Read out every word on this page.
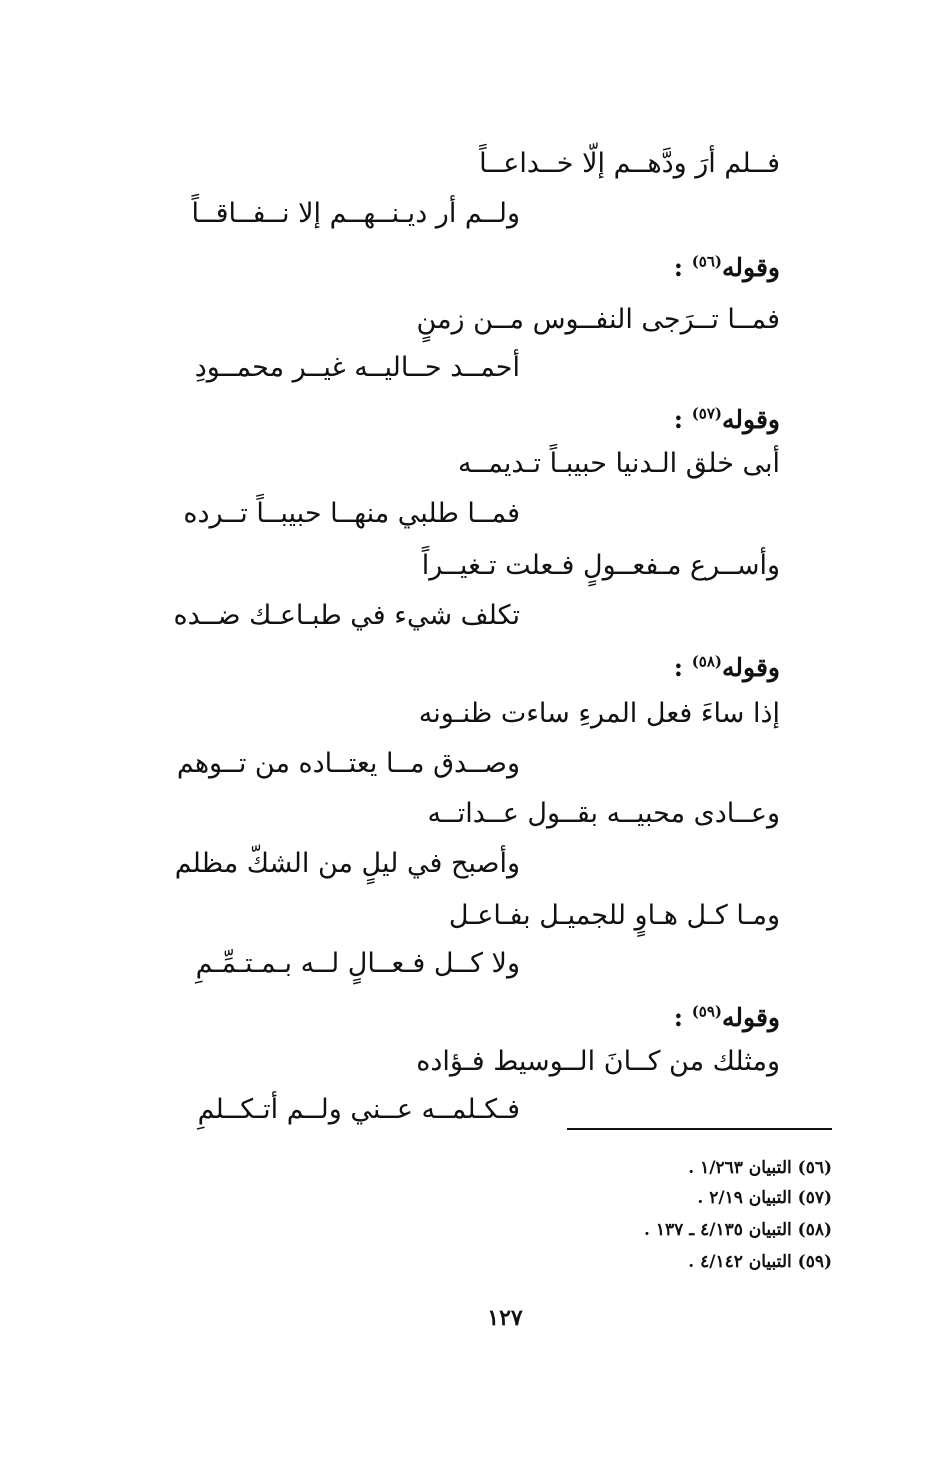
فــلم أرَ ودَّهــم إلّا خــداعــاً
ولــم أر ديـنــهــم إلا نــفــاقــاً
وقوله$^{(٥٦)}$ :
فمــا تــرَجى النفــوس مــن زمنٍ
أحمــد حــاليــه غيــر محمــودِ
وقوله$^{(٥٧)}$ :
أبى خلق الـدنيا حبيبـاً تـديمــه
فمــا طلبي منهــا حبيبــاً تــرده
وأســرع مـفعــولٍ فـعلت تـغيــراً
تكلف شيء في طبـاعـك ضــده
وقوله$^{(٥٨)}$ :
إذا ساءَ فعل المرءِ ساءت ظنـونه
وصــدق مــا يعتــاده من تــوهم
وعــادى محبيــه بقــول عــداتــه
وأصبح في ليلٍ من الشكّ مظلم
ومـا كـل هـاوٍ للجميـل بفـاعـل
ولا كــل فـعــالٍ لــه بـمـتـمِّـمِ
وقوله$^{(٥٩)}$ :
ومثلك من كــانَ الــوسيط فـؤاده
فـكـلمــه عــني ولــم أتـكــلمِ
(٥٦) التبيان ١/٢٦٣ .
(٥٧) التبيان ٢/١٩ .
(٥٨) التبيان ٤/١٣٥ ـ ١٣٧ .
(٥٩) التبيان ٤/١٤٢ .
١٢٧
